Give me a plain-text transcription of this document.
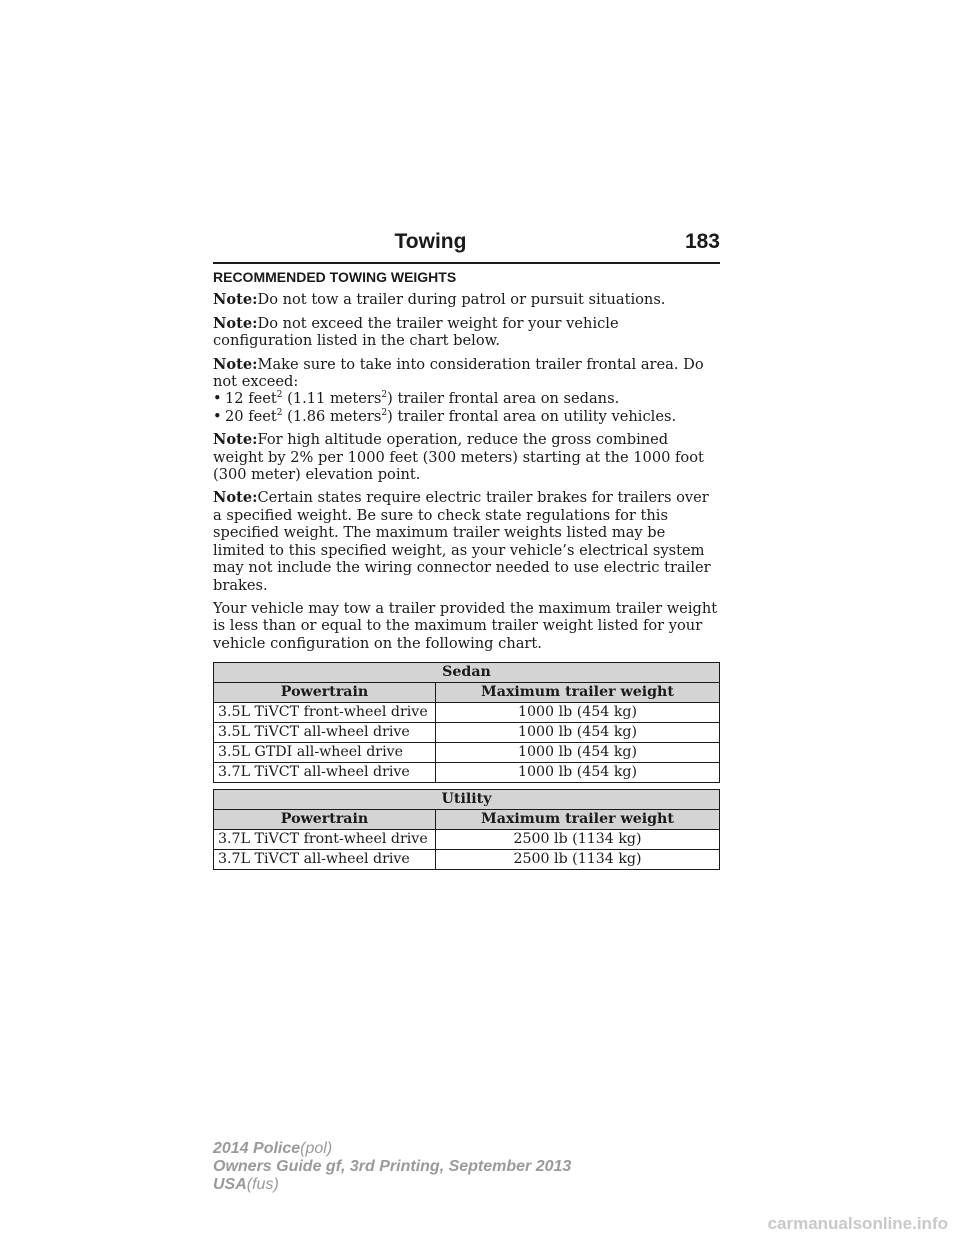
Towing	183
RECOMMENDED TOWING WEIGHTS

Note:Do not tow a trailer during patrol or pursuit situations.

Note:Do not exceed the trailer weight for your vehicle configuration listed in the chart below.

Note:Make sure to take into consideration trailer frontal area. Do not exceed:

• 12 feet$^2$ (1.11 meters$^2$) trailer frontal area on sedans.
• 20 feet$^2$ (1.86 meters$^2$) trailer frontal area on utility vehicles.

Note:For high altitude operation, reduce the gross combined weight by 2% per 1000 feet (300 meters) starting at the 1000 foot (300 meter) elevation point.

Note:Certain states require electric trailer brakes for trailers over a specified weight. Be sure to check state regulations for this specified weight. The maximum trailer weights listed may be limited to this specified weight, as your vehicle’s electrical system may not include the wiring connector needed to use electric trailer brakes.

Your vehicle may tow a trailer provided the maximum trailer weight is less than or equal to the maximum trailer weight listed for your vehicle configuration on the following chart.

Sedan	
Powertrain	Maximum trailer weight
3.5L TiVCT front-wheel drive	1000 lb (454 kg)
3.5L TiVCT all-wheel drive	1000 lb (454 kg)
3.5L GTDI all-wheel drive	1000 lb (454 kg)
3.7L TiVCT all-wheel drive	1000 lb (454 kg)
Utility	
Powertrain	Maximum trailer weight
3.7L TiVCT front-wheel drive	2500 lb (1134 kg)
3.7L TiVCT all-wheel drive	2500 lb (1134 kg)
2014 Police(pol)
Owners Guide gf, 3rd Printing, September 2013
USA(fus)
carmanualsonline.info
